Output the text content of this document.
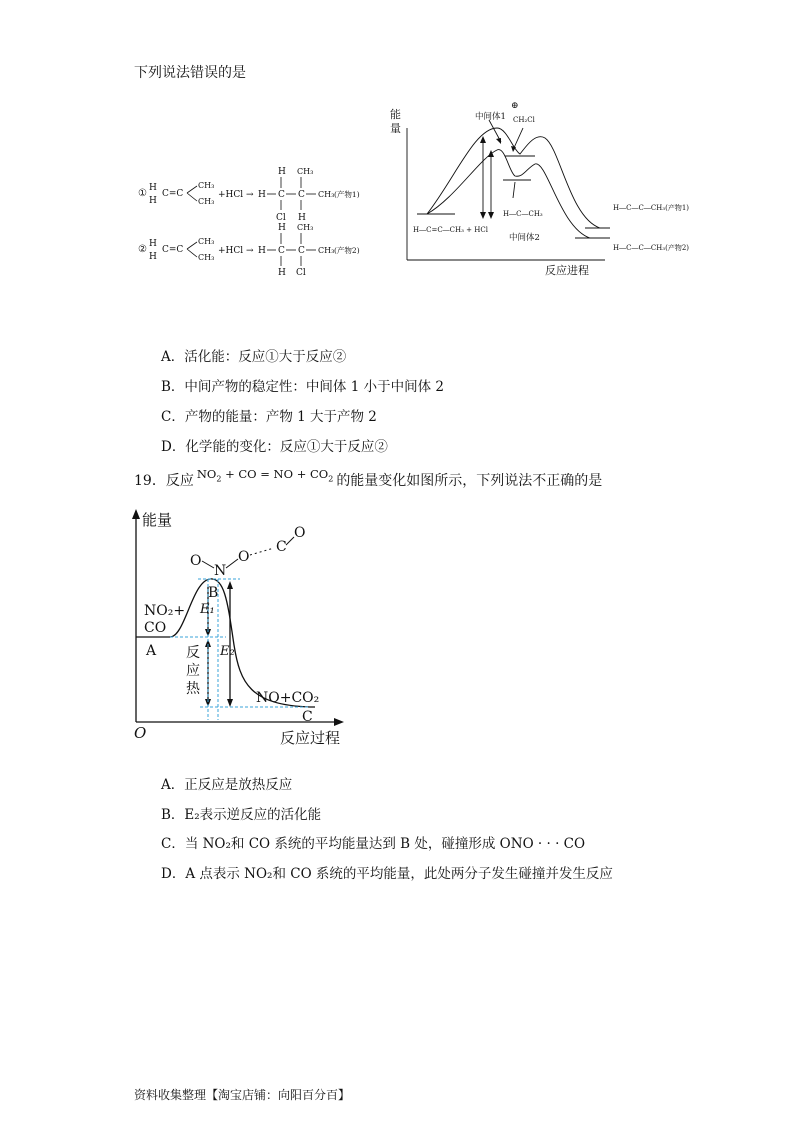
下列说法错误的是
① H
H
C=C
CH₃
CH₃
+HCl → H C
H
Cl
C
CH₃
H
CH₃ (产物1)
② H
H
C=C
CH₃
CH₃
+HCl → H C
H
H
C
CH₃
Cl
CH₃ (产物2)
能
量
反应进程
中间体1
中间体2
⊕
CH₂Cl
H―C=C―CH₃ + HCl
H―C―CH₃
H―C―C―CH₃(产物1)
H―C―C―CH₃(产物2)
A．活化能：反应①大于反应②
B．中间产物的稳定性：中间体 1 小于中间体 2
C．产物的能量：产物 1 大于产物 2
D．化学能的变化：反应①大于反应②
19．反应 $^{NO_2 + CO = NO + CO_2}$ 的能量变化如图所示，下列说法不正确的是
能量
反应过程
O
NO₂+
CO
A
B
C
E₁
E₂
反
应
热
NO+CO₂
O
N
O
C
O
A．正反应是放热反应
B．E₂表示逆反应的活化能
C．当 NO₂和 CO 系统的平均能量达到 B 处，碰撞形成 ONO · · · CO
D．A 点表示 NO₂和 CO 系统的平均能量，此处两分子发生碰撞并发生反应
资料收集整理【淘宝店铺：向阳百分百】
